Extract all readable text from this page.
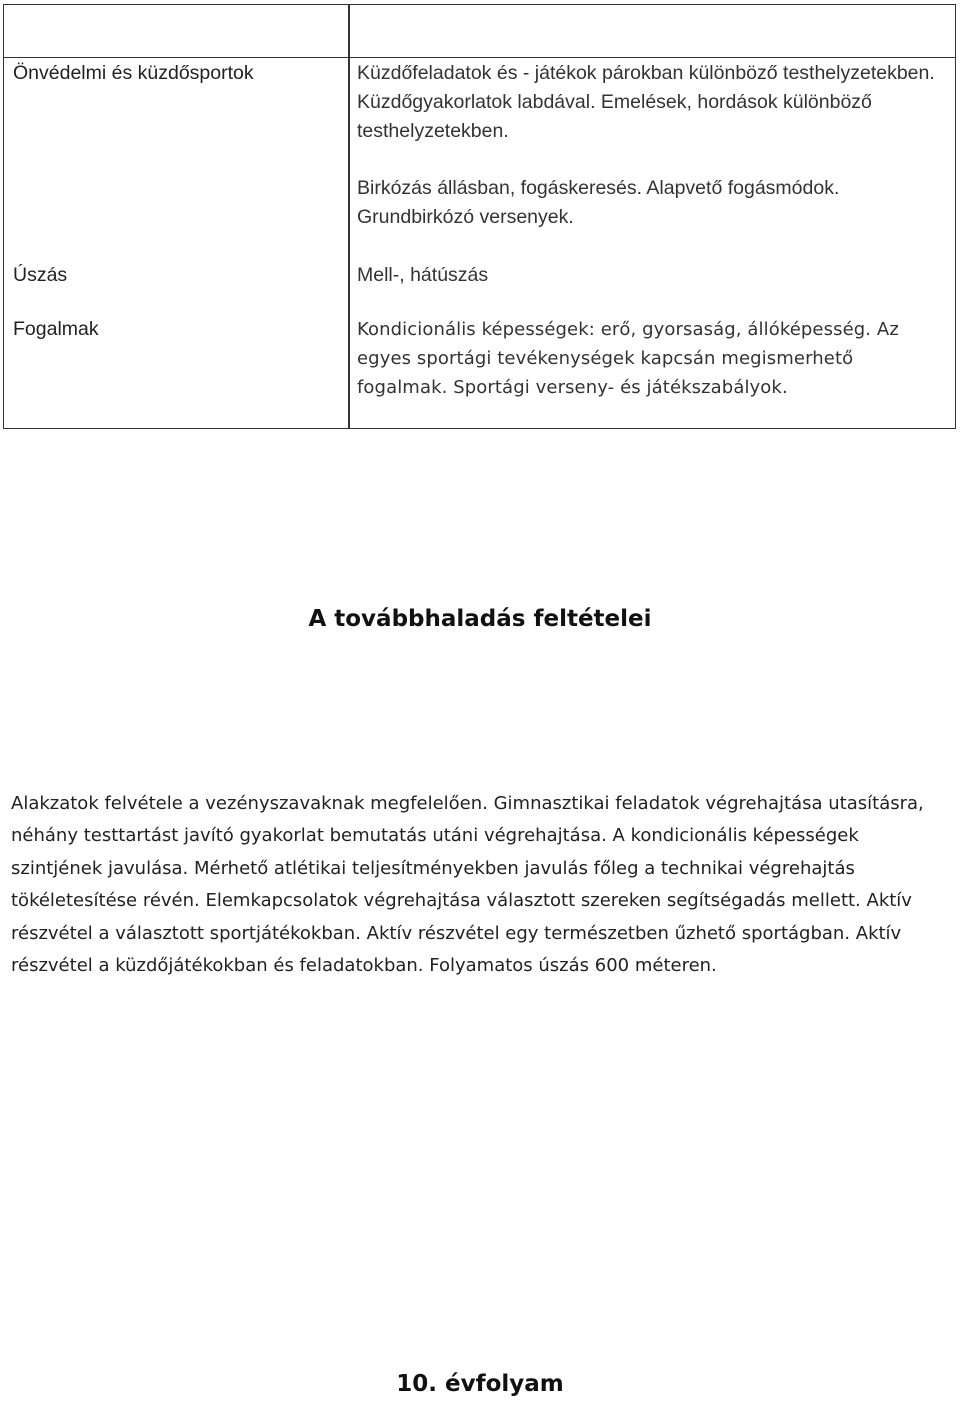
Önvédelmi és küzdősportok	Küzdőfeladatok és - játékok párokban különböző testhelyzetekben. Küzdőgyakorlatok labdával. Emelések, hordások különböző testhelyzetekben.
Birkózás állásban, fogáskeresés. Alapvető fogásmódok. Grundbirkózó versenyek.
Úszás	Mell-, hátúszás
Fogalmak	Kondicionális képességek: erő, gyorsaság, állóképesség. Az egyes sportági tevékenységek kapcsán megismerhető fogalmak. Sportági verseny- és játékszabályok.
A továbbhaladás feltételei
Alakzatok felvétele a vezényszavaknak megfelelően. Gimnasztikai feladatok végrehajtása utasításra, néhány testtartást javító gyakorlat bemutatás utáni végrehajtása. A kondicionális képességek szintjének javulása. Mérhető atlétikai teljesítményekben javulás főleg a technikai végrehajtás tökéletesítése révén. Elemkapcsolatok végrehajtása választott szereken segítségadás mellett. Aktív részvétel a választott sportjátékokban. Aktív részvétel egy természetben űzhető sportágban. Aktív részvétel a küzdőjátékokban és feladatokban. Folyamatos úszás 600 méteren.
10. évfolyam
